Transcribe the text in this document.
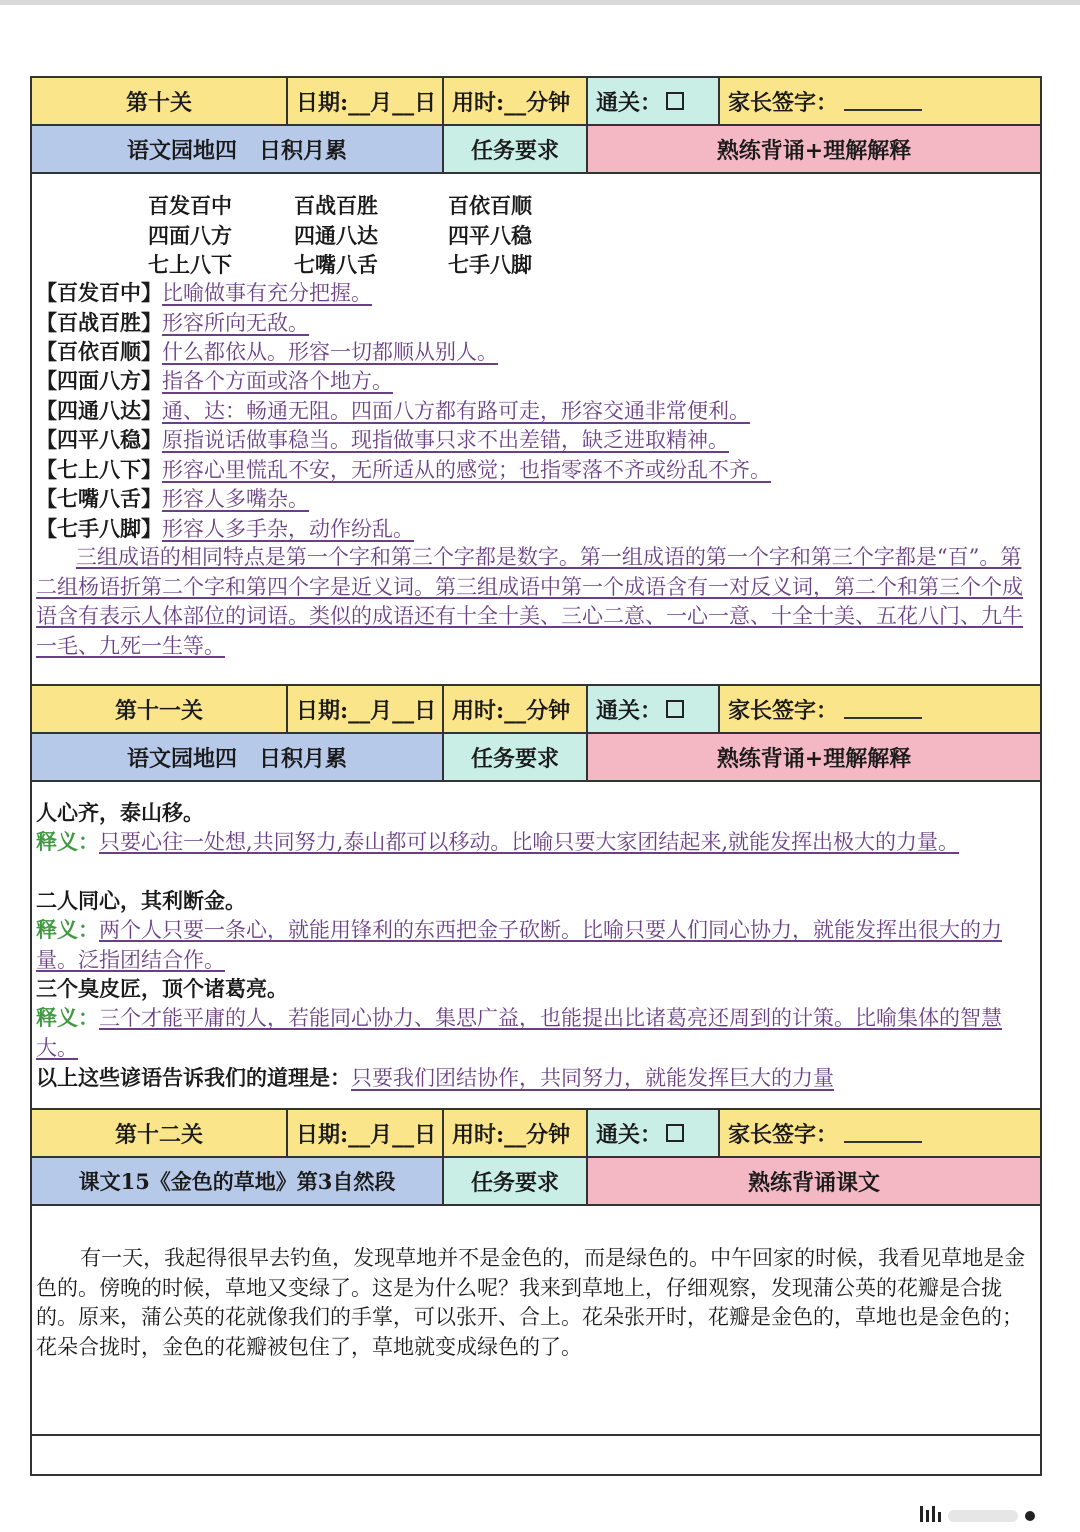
第十关	日期:__月__日 用时:__分钟	通关：	家长签字：
语文园地四　日积月累	任务要求	熟练背诵+理解解释
百发百中	百战百胜	百依百顺
四面八方	四通八达	四平八稳
七上八下	七嘴八舌	七手八脚
【百发百中】比喻做事有充分把握。
【百战百胜】形容所向无敌。
【百依百顺】什么都依从。形容一切都顺从别人。
【四面八方】指各个方面或洛个地方。
【四通八达】通、达：畅通无阻。四面八方都有路可走，形容交通非常便利。
【四平八稳】原指说话做事稳当。现指做事只求不出差错，缺乏进取精神。
【七上八下】形容心里慌乱不安，无所适从的感觉；也指零落不齐或纷乱不齐。
【七嘴八舌】形容人多嘴杂。
【七手八脚】形容人多手杂，动作纷乱。
三组成语的相同特点是第一个字和第三个字都是数字。第一组成语的第一个字和第三个字都是“百”。第二组杨语折第二个字和第四个字是近义词。第三组成语中第一个成语含有一对反义词，第二个和第三个个成语含有表示人体部位的词语。类似的成语还有十全十美、三心二意、一心一意、十全十美、五花八门、九牛一毛、九死一生等。
第十一关	日期:__月__日 用时:__分钟	通关：	家长签字：
语文园地四　日积月累	任务要求	熟练背诵+理解解释
人心齐，泰山移。
释义：只要心往一处想,共同努力,泰山都可以移动。比喻只要大家团结起来,就能发挥出极大的力量。
二人同心，其利断金。
释义：两个人只要一条心，就能用锋利的东西把金子砍断。比喻只要人们同心协力，就能发挥出很大的力量。泛指团结合作。
三个臭皮匠，顶个诸葛亮。
释义：三个才能平庸的人，若能同心协力、集思广益，也能提出比诸葛亮还周到的计策。比喻集体的智慧大。
以上这些谚语告诉我们的道理是：只要我们团结协作，共同努力，就能发挥巨大的力量
第十二关	日期:__月__日 用时:__分钟	通关：	家长签字：
课文15《金色的草地》第3自然段	任务要求	熟练背诵课文
有一天，我起得很早去钓鱼，发现草地并不是金色的，而是绿色的。中午回家的时候，我看见草地是金色的。傍晚的时候，草地又变绿了。这是为什么呢？我来到草地上，仔细观察，发现蒲公英的花瓣是合拢的。原来，蒲公英的花就像我们的手掌，可以张开、合上。花朵张开时，花瓣是金色的，草地也是金色的；花朵合拢时，金色的花瓣被包住了，草地就变成绿色的了。
